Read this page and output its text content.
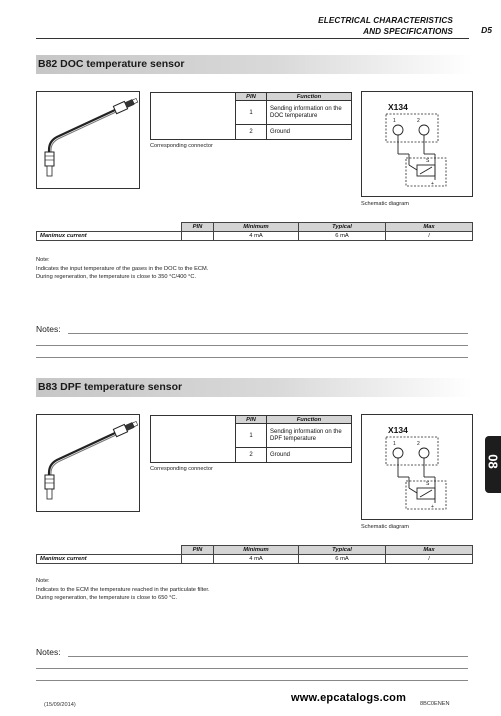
ELECTRICAL CHARACTERISTICS
AND SPECIFICATIONS	D5
B82 DOC temperature sensor
	PIN	Function
	1	Sending information on the DOC temperature
	2	Ground
Corresponding connector
X134
1	2
S
+
Schematic diagram
	PIN	Minimum	Typical	Max
Manimux current		4 mA	6 mA	/
Note:
Indicates the input temperature of the gases in the DOC to the ECM.
During regeneration, the temperature is close to 350 °C/400 °C.
Notes:
B83 DPF temperature sensor
	PIN	Function
	1	Sending information on the DPF temperature
	2	Ground
Corresponding connector
X134
1	2
S
+
Schematic diagram
	PIN	Minimum	Typical	Max
Manimux current		4 mA	6 mA	/
Note:
Indicates to the ECM the temperature reached in the particulate filter.
During regeneration, the temperature is close to 650 °C.
Notes:
08
(15/09/2014)	8BC0ENEN
www.epcatalogs.com
